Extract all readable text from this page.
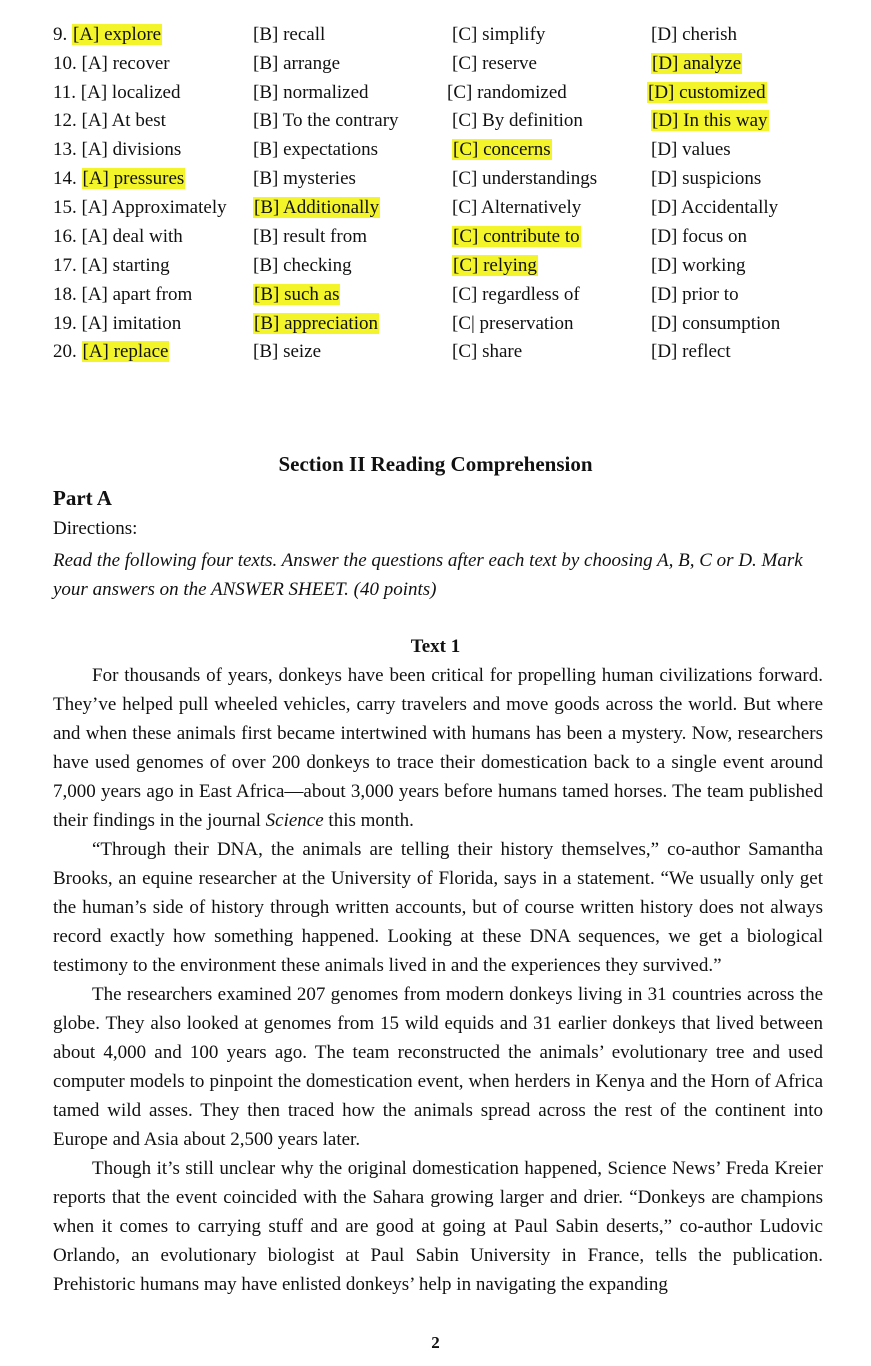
9. [A] explore	[B] recall	[C] simplify	[D] cherish
10. [A] recover	[B] arrange	[C] reserve	[D] analyze
11. [A] localized	[B] normalized	[C] randomized	[D] customized
12. [A] At best	[B] To the contrary	[C] By definition	[D] In this way
13. [A] divisions	[B] expectations	[C] concerns	[D] values
14. [A] pressures	[B] mysteries	[C] understandings	[D] suspicions
15. [A] Approximately [B] Additionally	[C] Alternatively	[D] Accidentally
16. [A] deal with	[B] result from	[C] contribute to	[D] focus on
17. [A] starting	[B] checking	[C] relying	[D] working
18. [A] apart from	[B] such as	[C] regardless of	[D] prior to
19. [A] imitation	[B] appreciation	[C| preservation	[D] consumption
20. [A] replace	[B] seize	[C] share	[D] reflect
Section II Reading Comprehension
Part A
Directions:
Read the following four texts. Answer the questions after each text by choosing A, B, C or D. Mark your answers on the ANSWER SHEET. (40 points)
Text 1

For thousands of years, donkeys have been critical for propelling human civilizations forward. They’ve helped pull wheeled vehicles, carry travelers and move goods across the world. But where and when these animals first became intertwined with humans has been a mystery. Now, researchers have used genomes of over 200 donkeys to trace their domestication back to a single event around 7,000 years ago in East Africa—about 3,000 years before humans tamed horses. The team published their findings in the journal Science this month.

“Through their DNA, the animals are telling their history themselves,” co-author Samantha Brooks, an equine researcher at the University of Florida, says in a statement. “We usually only get the human’s side of history through written accounts, but of course written history does not always record exactly how something happened. Looking at these DNA sequences, we get a biological testimony to the environment these animals lived in and the experiences they survived.”

The researchers examined 207 genomes from modern donkeys living in 31 countries across the globe. They also looked at genomes from 15 wild equids and 31 earlier donkeys that lived between about 4,000 and 100 years ago. The team reconstructed the animals’ evolutionary tree and used computer models to pinpoint the domestication event, when herders in Kenya and the Horn of Africa tamed wild asses. They then traced how the animals spread across the rest of the continent into Europe and Asia about 2,500 years later.

Though it’s still unclear why the original domestication happened, Science News’ Freda Kreier reports that the event coincided with the Sahara growing larger and drier. “Donkeys are champions when it comes to carrying stuff and are good at going at Paul Sabin deserts,” co-author Ludovic Orlando, an evolutionary biologist at Paul Sabin University in France, tells the publication. Prehistoric humans may have enlisted donkeys’ help in navigating the expanding

2
